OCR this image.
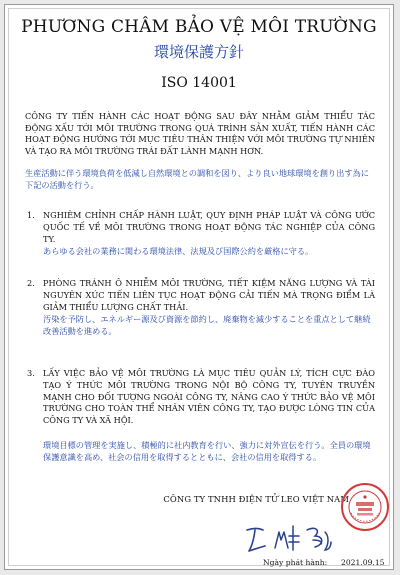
PHƯƠNG CHÂM BẢO VỆ MÔI TRƯỜNG
環境保護方針
ISO 14001
CÔNG TY TIẾN HÀNH CÁC HOẠT ĐỘNG SAU ĐÂY NHẰM GIẢM THIỂU TÁC ĐỘNG XẤU TỚI MÔI TRƯỜNG TRONG QUÁ TRÌNH SẢN XUẤT, TIẾN HÀNH CÁC HOẠT ĐỘNG HƯỚNG TỚI MỤC TIÊU THÂN THIỆN VỚI MÔI TRƯỜNG TỰ NHIÊN VÀ TẠO RA MÔI TRƯỜNG TRÁI ĐẤT LÀNH MẠNH HƠN.
生産活動に伴う環境負荷を低減し自然環境との調和を図り、より良い地球環境を創り出す為に下記の活動を行う。
1. NGHIÊM CHỈNH CHẤP HÀNH LUẬT, QUY ĐỊNH PHÁP LUẬT VÀ CÔNG ƯỚC QUỐC TẾ VỀ MÔI TRƯỜNG TRONG HOẠT ĐỘNG TÁC NGHIỆP CỦA CÔNG TY.
あらゆる会社の業務に関わる環境法律、法規及び国際公約を厳格に守る。
2. PHÒNG TRÁNH Ô NHIỄM MÔI TRƯỜNG, TIẾT KIỆM NĂNG LƯỢNG VÀ TÀI NGUYÊN XÚC TIẾN LIÊN TỤC HOẠT ĐỘNG CẢI TIẾN MÀ TRỌNG ĐIỂM LÀ GIẢM THIỂU LƯỢNG CHẤT THẢI.
汚染を予防し、エネルギー源及び資源を節約し、廃棄物を減少することを重点として継続改善活動を進める。
3. LẤY VIỆC BẢO VỆ MÔI TRƯỜNG LÀ MỤC TIÊU QUẢN LÝ, TÍCH CỰC ĐÀO TẠO Ý THỨC MÔI TRƯỜNG TRONG NỘI BỘ CÔNG TY, TUYÊN TRUYỀN MẠNH CHO ĐỐI TƯỢNG NGOÀI CÔNG TY, NÂNG CAO Ý THỨC BẢO VỆ MÔI TRƯỜNG CHO TOÀN THỂ NHÂN VIÊN CÔNG TY, TẠO ĐƯỢC LÒNG TIN CỦA CÔNG TY VÀ XÃ HỘI.
環境目標の管理を実施し、積極的に社内教育を行い、強力に対外宣伝を行う。全員の環境保護意識を高め、社会の信用を取得するとともに、会社の信用を取得する。
CÔNG TY TNHH ĐIỆN TỬ LEO VIỆT NAM
Ngày phát hành: 2021.09.15
